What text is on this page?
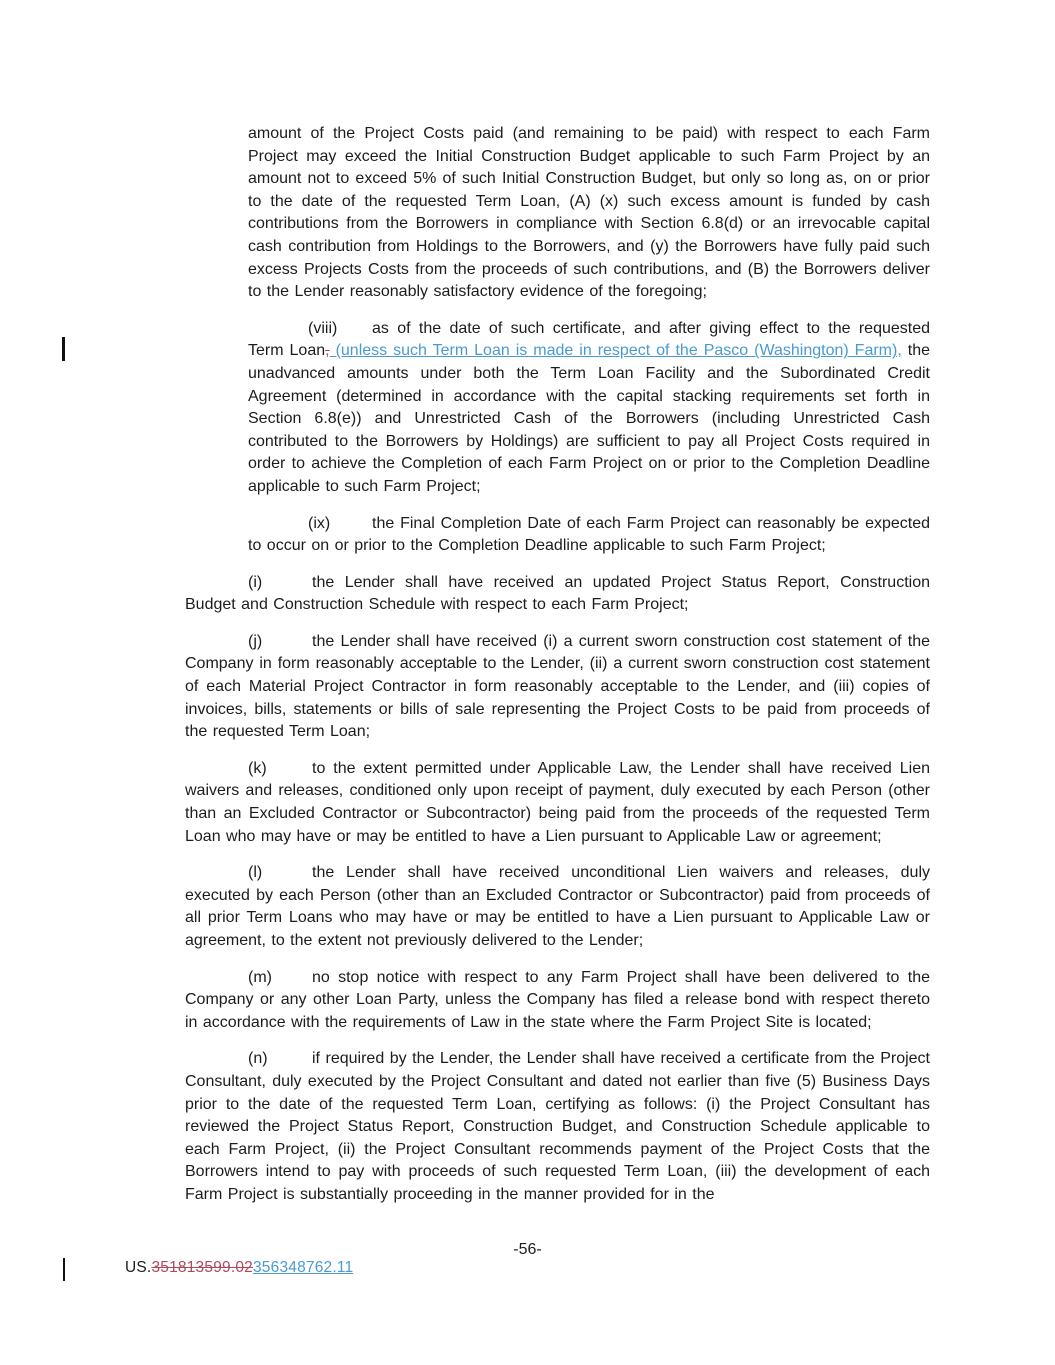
amount of the Project Costs paid (and remaining to be paid) with respect to each Farm Project may exceed the Initial Construction Budget applicable to such Farm Project by an amount not to exceed 5% of such Initial Construction Budget, but only so long as, on or prior to the date of the requested Term Loan, (A) (x) such excess amount is funded by cash contributions from the Borrowers in compliance with Section 6.8(d) or an irrevocable capital cash contribution from Holdings to the Borrowers, and (y) the Borrowers have fully paid such excess Projects Costs from the proceeds of such contributions, and (B) the Borrowers deliver to the Lender reasonably satisfactory evidence of the foregoing;

(viii) as of the date of such certificate, and after giving effect to the requested Term Loan, (unless such Term Loan is made in respect of the Pasco (Washington) Farm), the unadvanced amounts under both the Term Loan Facility and the Subordinated Credit Agreement (determined in accordance with the capital stacking requirements set forth in Section 6.8(e)) and Unrestricted Cash of the Borrowers (including Unrestricted Cash contributed to the Borrowers by Holdings) are sufficient to pay all Project Costs required in order to achieve the Completion of each Farm Project on or prior to the Completion Deadline applicable to such Farm Project;

(ix)	the Final Completion Date of each Farm Project can reasonably be expected to occur on or prior to the Completion Deadline applicable to such Farm Project;

(i)	the Lender shall have received an updated Project Status Report, Construction Budget and Construction Schedule with respect to each Farm Project;

(j)	the Lender shall have received (i) a current sworn construction cost statement of the Company in form reasonably acceptable to the Lender, (ii) a current sworn construction cost statement of each Material Project Contractor in form reasonably acceptable to the Lender, and (iii) copies of invoices, bills, statements or bills of sale representing the Project Costs to be paid from proceeds of the requested Term Loan;

(k)	to the extent permitted under Applicable Law, the Lender shall have received Lien waivers and releases, conditioned only upon receipt of payment, duly executed by each Person (other than an Excluded Contractor or Subcontractor) being paid from the proceeds of the requested Term Loan who may have or may be entitled to have a Lien pursuant to Applicable Law or agreement;

(l)	the Lender shall have received unconditional Lien waivers and releases, duly executed by each Person (other than an Excluded Contractor or Subcontractor) paid from proceeds of all prior Term Loans who may have or may be entitled to have a Lien pursuant to Applicable Law or agreement, to the extent not previously delivered to the Lender;

(m)	no stop notice with respect to any Farm Project shall have been delivered to the Company or any other Loan Party, unless the Company has filed a release bond with respect thereto in accordance with the requirements of Law in the state where the Farm Project Site is located;

(n)	if required by the Lender, the Lender shall have received a certificate from the Project Consultant, duly executed by the Project Consultant and dated not earlier than five (5) Business Days prior to the date of the requested Term Loan, certifying as follows: (i) the Project Consultant has reviewed the Project Status Report, Construction Budget, and Construction Schedule applicable to each Farm Project, (ii) the Project Consultant recommends payment of the Project Costs that the Borrowers intend to pay with proceeds of such requested Term Loan, (iii) the development of each Farm Project is substantially proceeding in the manner provided for in the

-56-
US.351813599.02356348762.11
